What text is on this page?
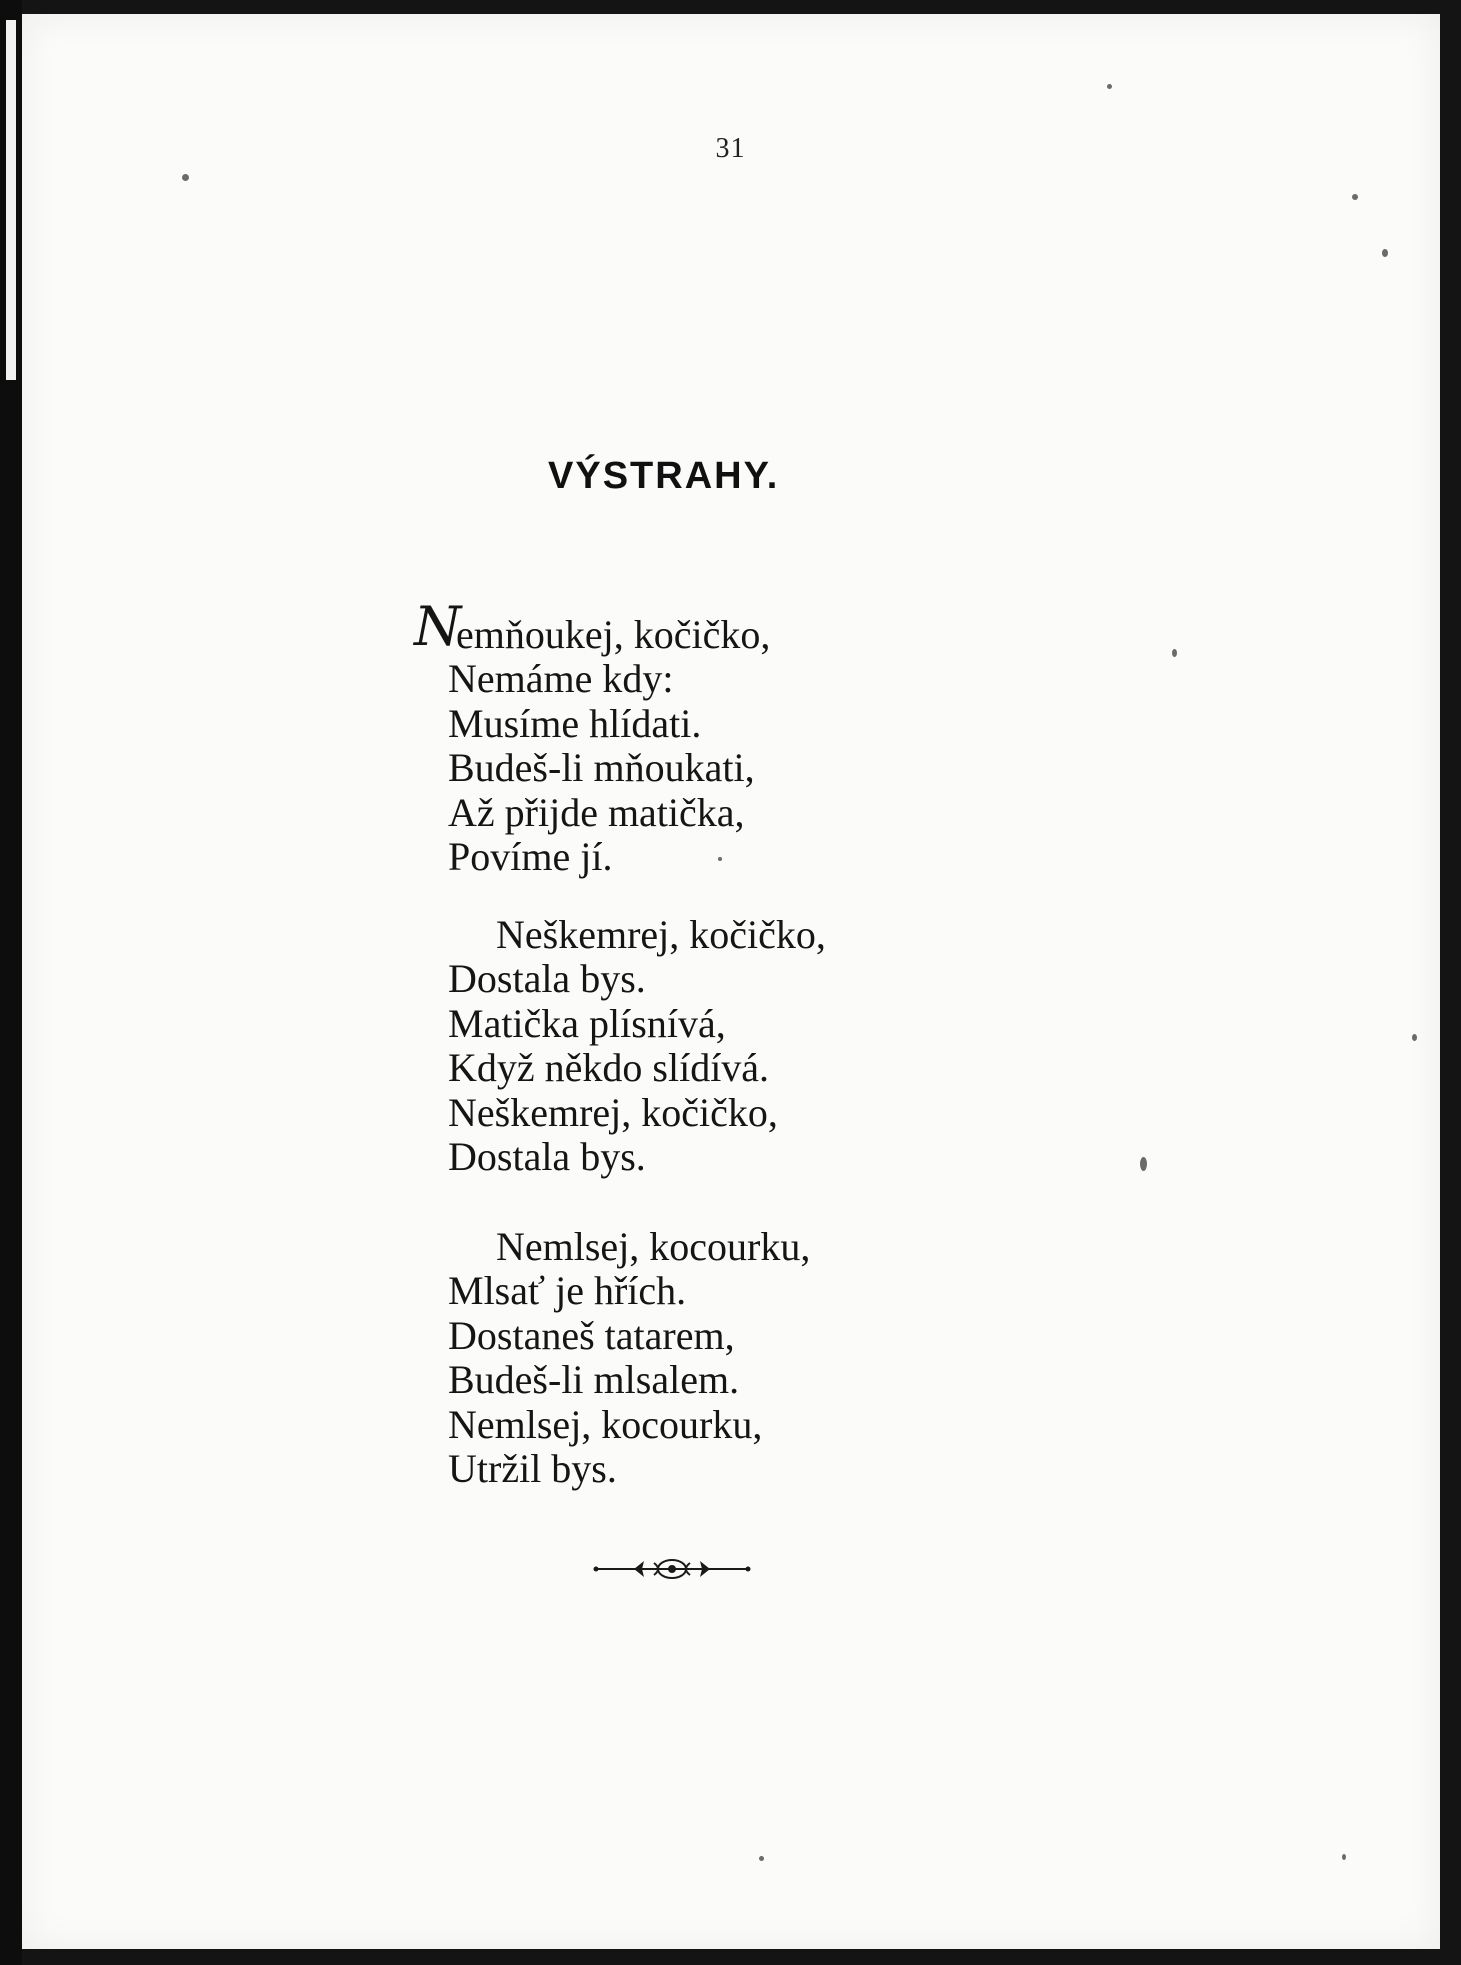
31
VÝSTRAHY.
N
emňoukej, kočičko,
Nemáme kdy:
Musíme hlídati.
Budeš-li mňoukati,
Až přijde matička,
Povíme jí.
Neškemrej, kočičko,
Dostala bys.
Matička plísnívá,
Když někdo slídívá.
Neškemrej, kočičko,
Dostala bys.
Nemlsej, kocourku,
Mlsať je hřích.
Dostaneš tatarem,
Budeš-li mlsalem.
Nemlsej, kocourku,
Utržil bys.
